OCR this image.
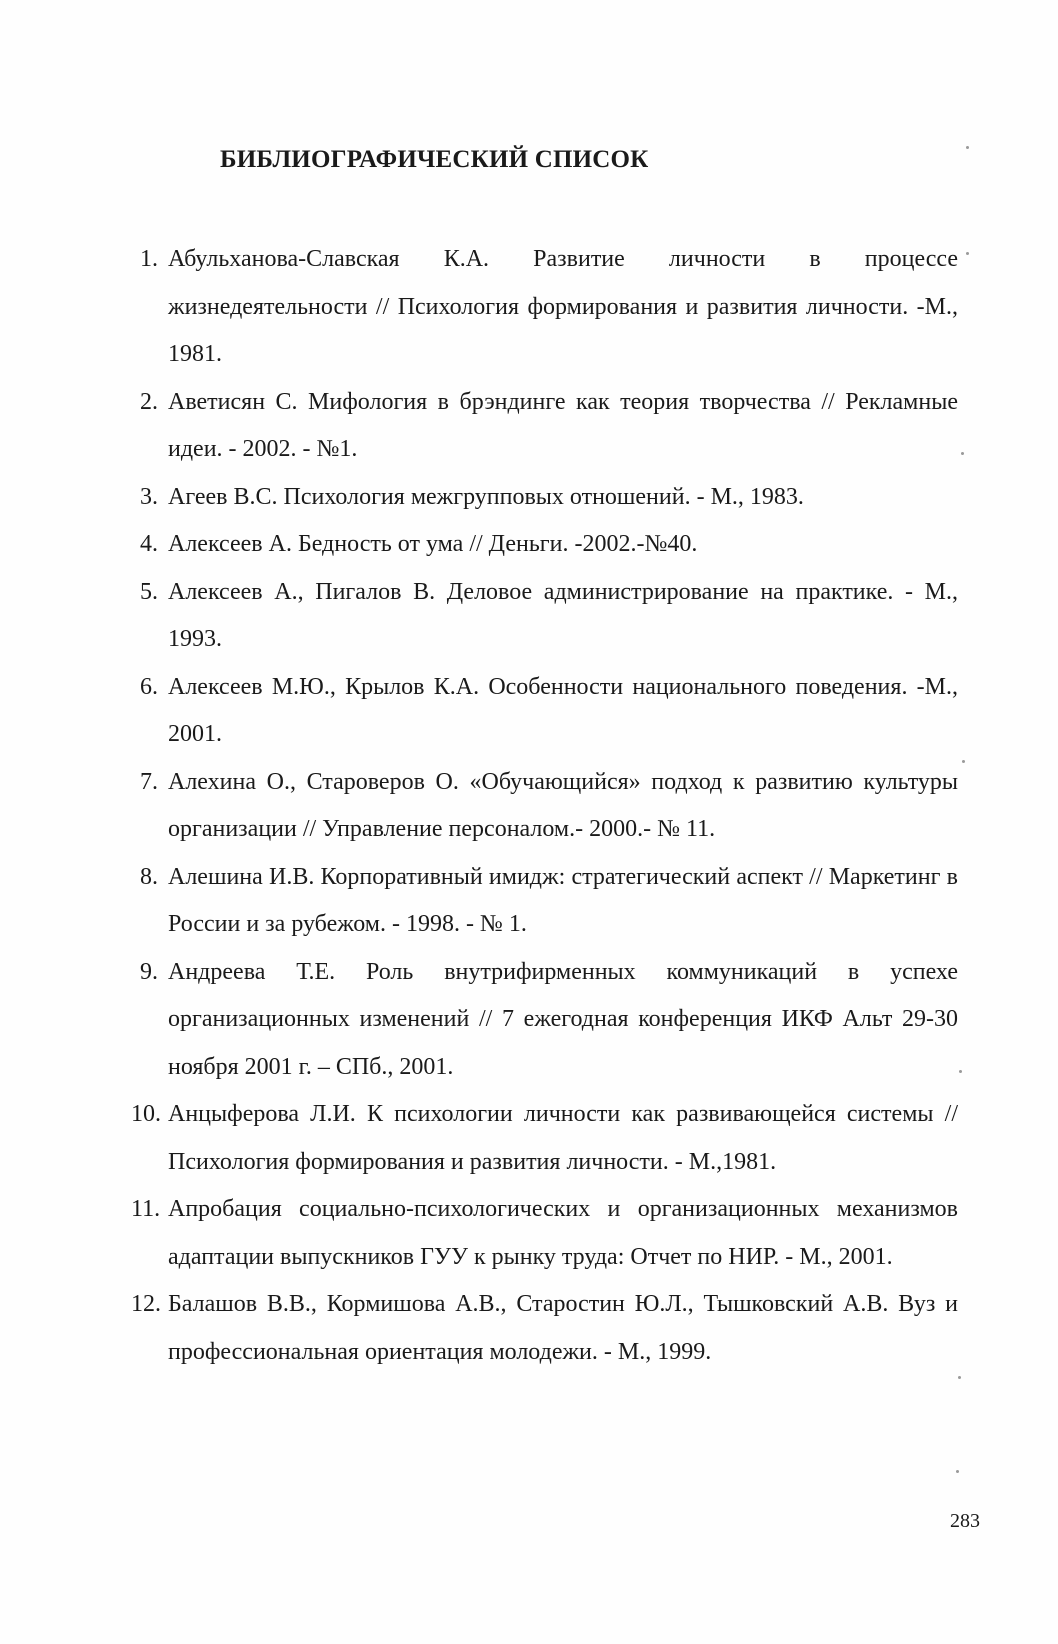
БИБЛИОГРАФИЧЕСКИЙ СПИСОК
1. Абульханова-Славская К.А. Развитие личности в процессе жизнедеятельности // Психология формирования и развития личности. -М., 1981.
2. Аветисян С. Мифология в брэндинге как теория творчества // Рекламные идеи. - 2002. - №1.
3. Агеев В.С. Психология межгрупповых отношений. - М., 1983.
4. Алексеев А. Бедность от ума // Деньги. -2002.-№40.
5. Алексеев А., Пигалов В. Деловое администрирование на практике. - М., 1993.
6. Алексеев М.Ю., Крылов К.А. Особенности национального поведения. -М., 2001.
7. Алехина О., Староверов О. «Обучающийся» подход к развитию культуры организации // Управление персоналом.- 2000.- № 11.
8. Алешина И.В. Корпоративный имидж: стратегический аспект // Маркетинг в России и за рубежом. - 1998. - № 1.
9. Андреева Т.Е. Роль внутрифирменных коммуникаций в успехе организационных изменений // 7 ежегодная конференция ИКФ Альт 29-30 ноября 2001 г. – СПб., 2001.
10. Анцыферова Л.И. К психологии личности как развивающейся системы // Психология формирования и развития личности. - М.,1981.
11. Апробация социально-психологических и организационных механизмов адаптации выпускников ГУУ к рынку труда: Отчет по НИР. - М., 2001.
12. Балашов В.В., Кормишова А.В., Старостин Ю.Л., Тышковский А.В. Вуз и профессиональная ориентация молодежи. - М., 1999.
283
